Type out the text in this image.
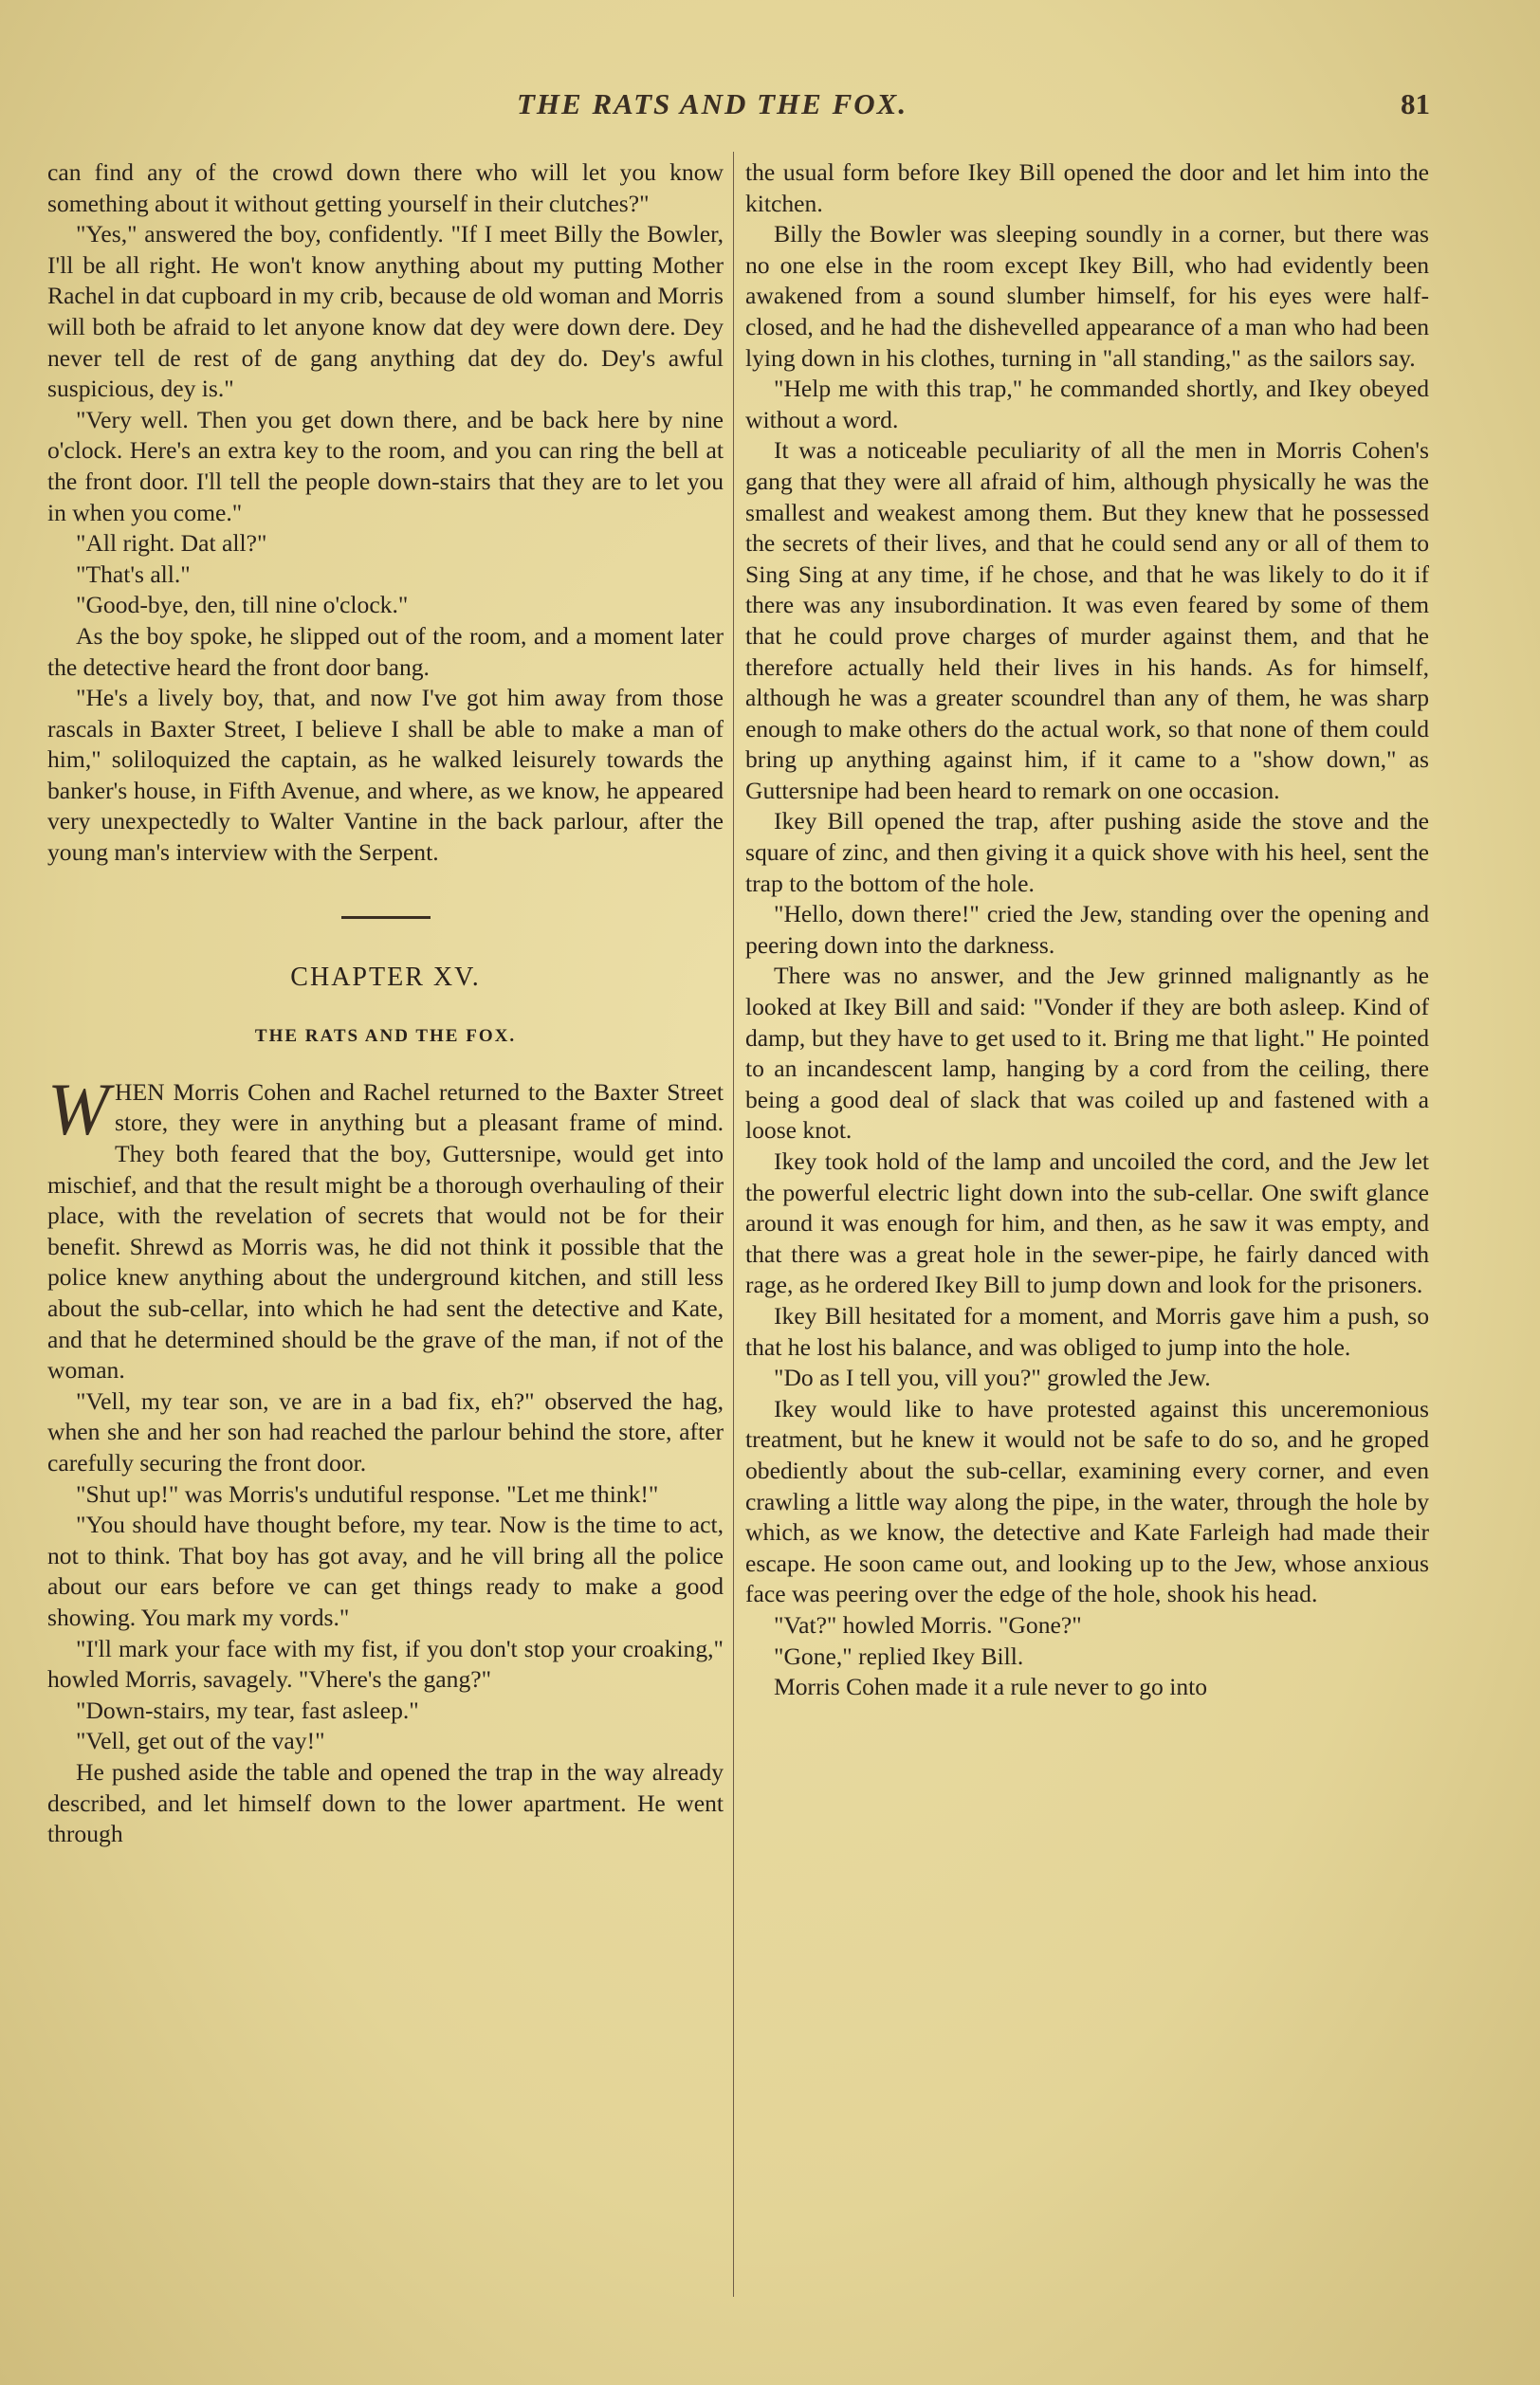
THE RATS AND THE FOX.	81

can find any of the crowd down there who will let you know something about it without getting yourself in their clutches?"

"Yes," answered the boy, confidently. "If I meet Billy the Bowler, I'll be all right. He won't know anything about my putting Mother Rachel in dat cupboard in my crib, because de old woman and Morris will both be afraid to let anyone know dat dey were down dere. Dey never tell de rest of de gang anything dat dey do. Dey's awful suspicious, dey is."

"Very well. Then you get down there, and be back here by nine o'clock. Here's an extra key to the room, and you can ring the bell at the front door. I'll tell the people down-stairs that they are to let you in when you come."

"All right. Dat all?"

"That's all."

"Good-bye, den, till nine o'clock."

As the boy spoke, he slipped out of the room, and a moment later the detective heard the front door bang.

"He's a lively boy, that, and now I've got him away from those rascals in Baxter Street, I believe I shall be able to make a man of him," soliloquized the captain, as he walked leisurely towards the banker's house, in Fifth Avenue, and where, as we know, he appeared very unexpectedly to Walter Vantine in the back parlour, after the young man's interview with the Serpent.

CHAPTER XV.

THE RATS AND THE FOX.

WHEN Morris Cohen and Rachel returned to the Baxter Street store, they were in anything but a pleasant frame of mind. They both feared that the boy, Guttersnipe, would get into mischief, and that the result might be a thorough overhauling of their place, with the revelation of secrets that would not be for their benefit. Shrewd as Morris was, he did not think it possible that the police knew anything about the underground kitchen, and still less about the sub-cellar, into which he had sent the detective and Kate, and that he determined should be the grave of the man, if not of the woman.

"Vell, my tear son, ve are in a bad fix, eh?" observed the hag, when she and her son had reached the parlour behind the store, after carefully securing the front door.

"Shut up!" was Morris's undutiful response. "Let me think!"

"You should have thought before, my tear. Now is the time to act, not to think. That boy has got avay, and he vill bring all the police about our ears before ve can get things ready to make a good showing. You mark my vords."

"I'll mark your face with my fist, if you don't stop your croaking," howled Morris, savagely. "Vhere's the gang?"

"Down-stairs, my tear, fast asleep."

"Vell, get out of the vay!"

He pushed aside the table and opened the trap in the way already described, and let himself down to the lower apartment. He went through

the usual form before Ikey Bill opened the door and let him into the kitchen.

Billy the Bowler was sleeping soundly in a corner, but there was no one else in the room except Ikey Bill, who had evidently been awakened from a sound slumber himself, for his eyes were half-closed, and he had the dishevelled appearance of a man who had been lying down in his clothes, turning in "all standing," as the sailors say.

"Help me with this trap," he commanded shortly, and Ikey obeyed without a word.

It was a noticeable peculiarity of all the men in Morris Cohen's gang that they were all afraid of him, although physically he was the smallest and weakest among them. But they knew that he possessed the secrets of their lives, and that he could send any or all of them to Sing Sing at any time, if he chose, and that he was likely to do it if there was any insubordination. It was even feared by some of them that he could prove charges of murder against them, and that he therefore actually held their lives in his hands. As for himself, although he was a greater scoundrel than any of them, he was sharp enough to make others do the actual work, so that none of them could bring up anything against him, if it came to a "show down," as Guttersnipe had been heard to remark on one occasion.

Ikey Bill opened the trap, after pushing aside the stove and the square of zinc, and then giving it a quick shove with his heel, sent the trap to the bottom of the hole.

"Hello, down there!" cried the Jew, standing over the opening and peering down into the darkness.

There was no answer, and the Jew grinned malignantly as he looked at Ikey Bill and said: "Vonder if they are both asleep. Kind of damp, but they have to get used to it. Bring me that light." He pointed to an incandescent lamp, hanging by a cord from the ceiling, there being a good deal of slack that was coiled up and fastened with a loose knot.

Ikey took hold of the lamp and uncoiled the cord, and the Jew let the powerful electric light down into the sub-cellar. One swift glance around it was enough for him, and then, as he saw it was empty, and that there was a great hole in the sewer-pipe, he fairly danced with rage, as he ordered Ikey Bill to jump down and look for the prisoners.

Ikey Bill hesitated for a moment, and Morris gave him a push, so that he lost his balance, and was obliged to jump into the hole.

"Do as I tell you, vill you?" growled the Jew.

Ikey would like to have protested against this unceremonious treatment, but he knew it would not be safe to do so, and he groped obediently about the sub-cellar, examining every corner, and even crawling a little way along the pipe, in the water, through the hole by which, as we know, the detective and Kate Farleigh had made their escape. He soon came out, and looking up to the Jew, whose anxious face was peering over the edge of the hole, shook his head.

"Vat?" howled Morris. "Gone?"

"Gone," replied Ikey Bill.

Morris Cohen made it a rule never to go into
